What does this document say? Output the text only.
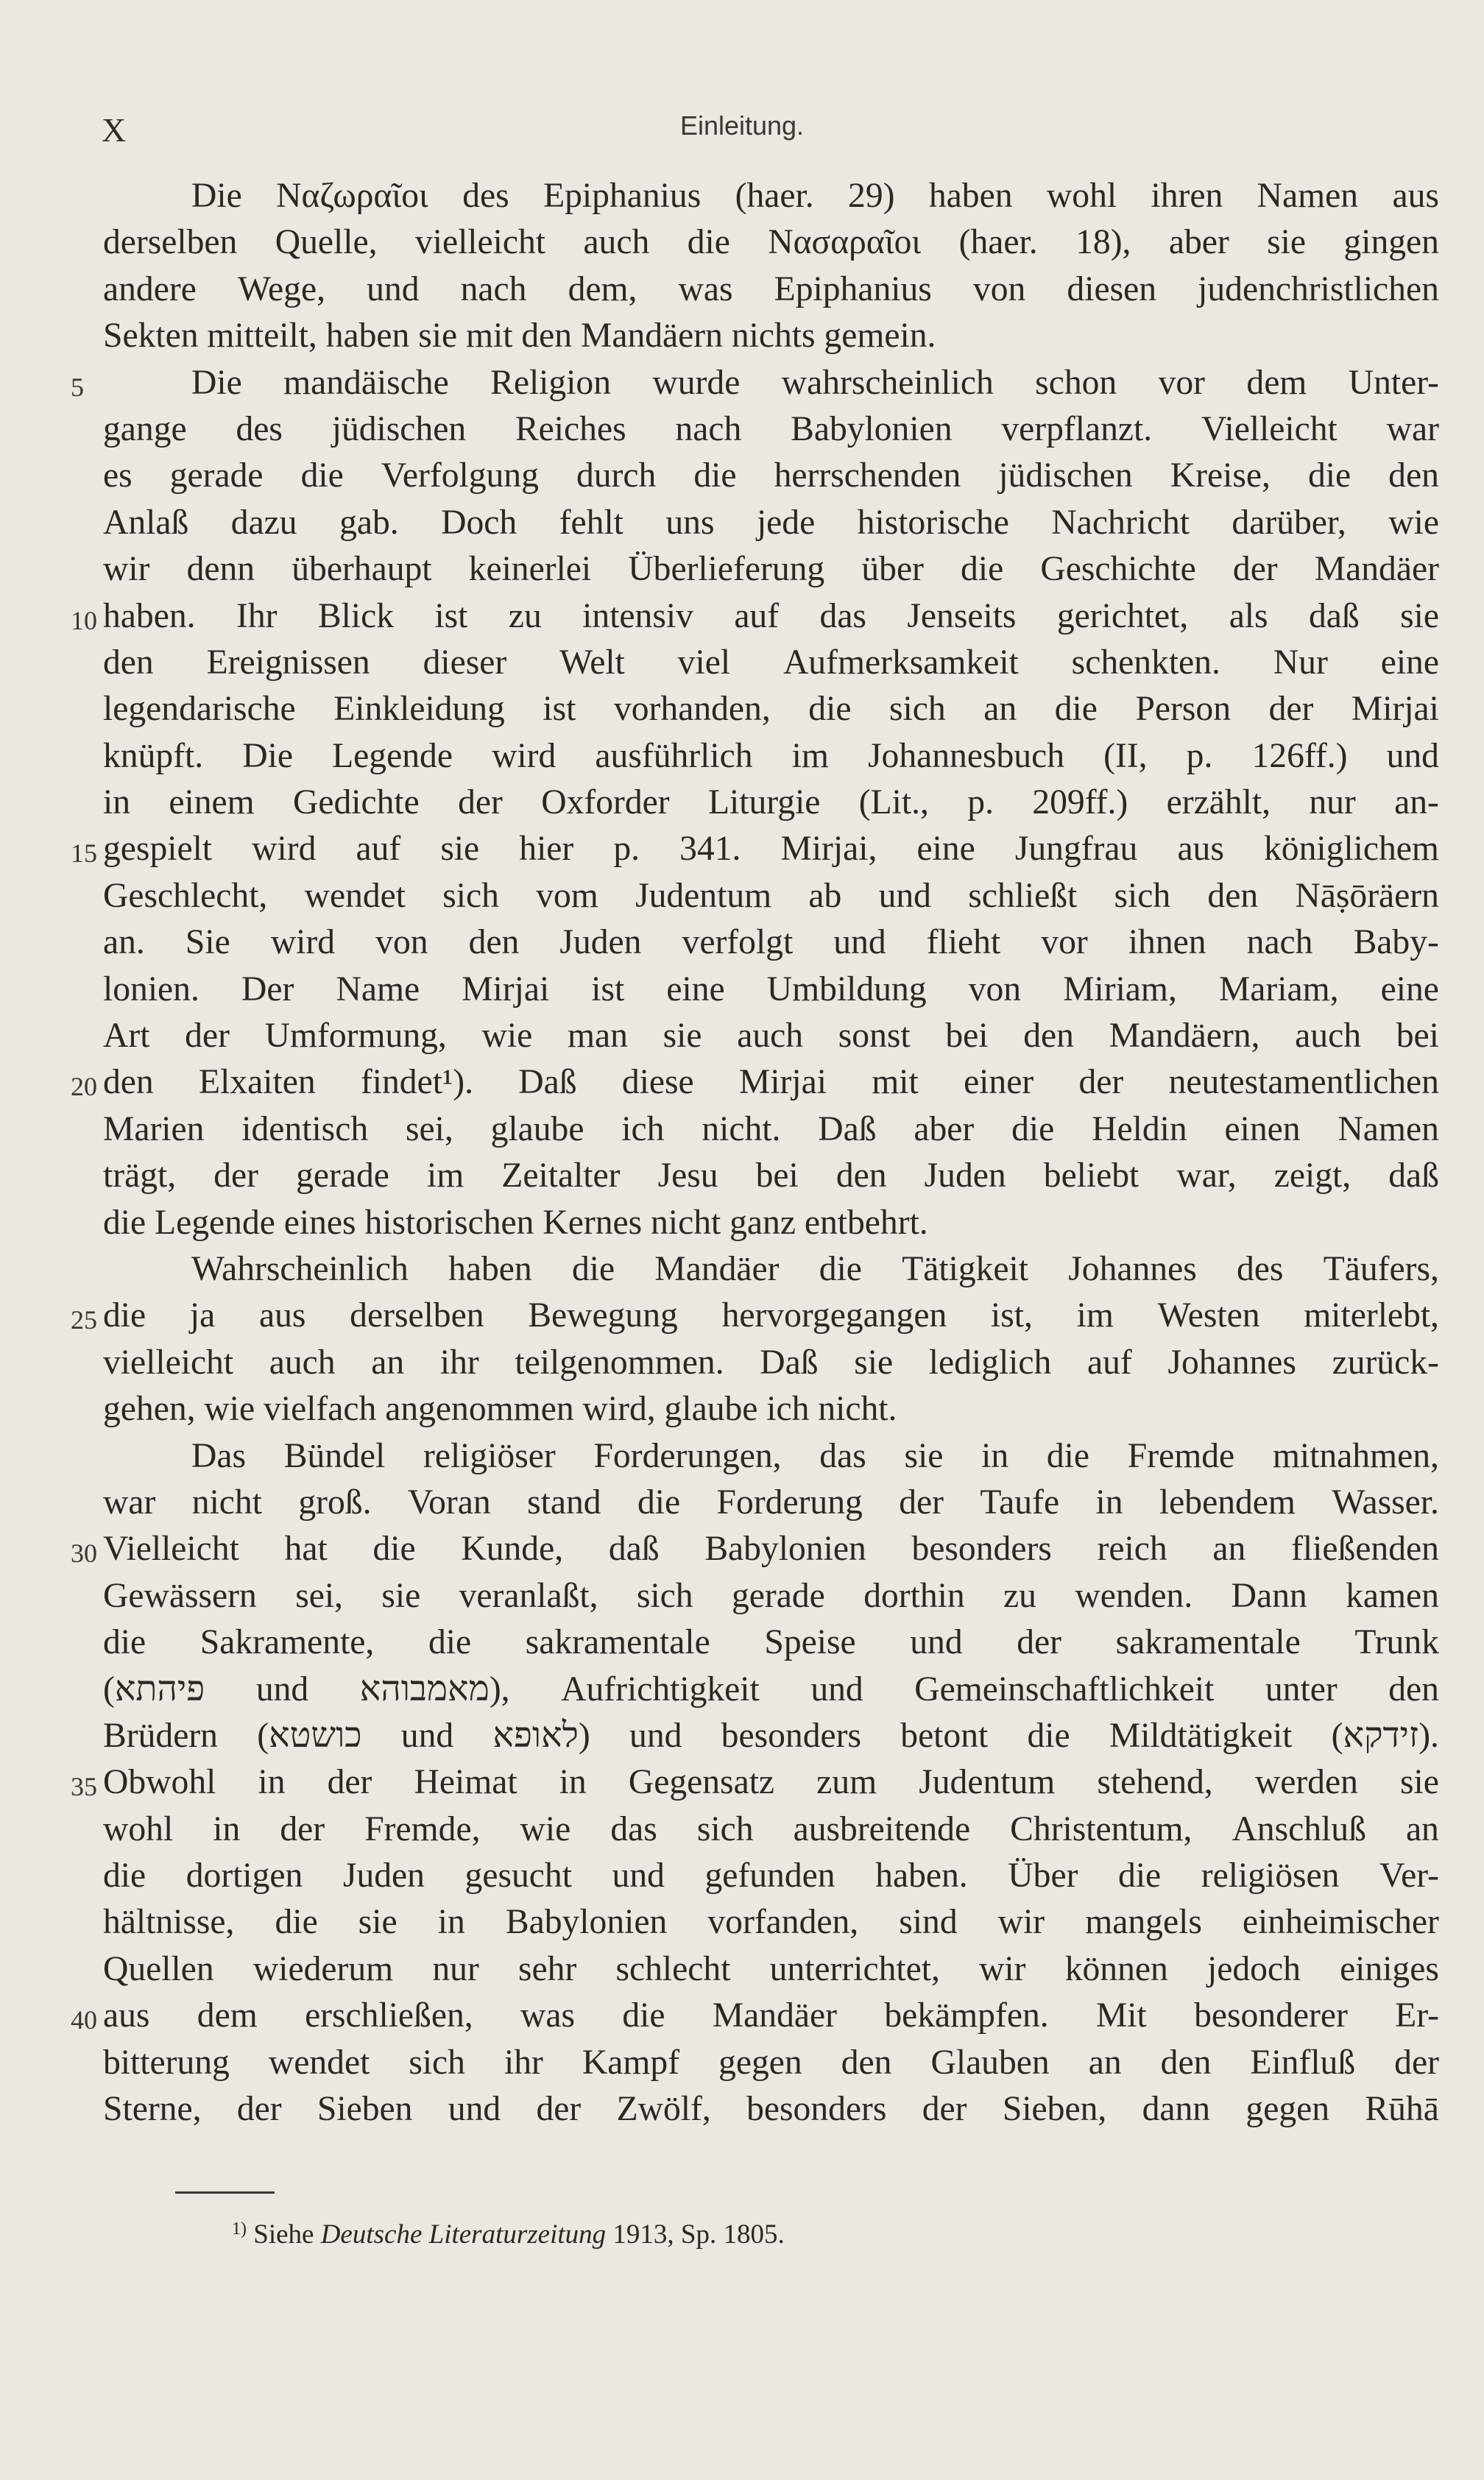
X	Einleitung.
Die Ναζωραῖοι des Epiphanius (haer. 29) haben wohl ihren Namen aus
derselben Quelle, vielleicht auch die Νασαραῖοι (haer. 18), aber sie gingen
andere Wege, und nach dem, was Epiphanius von diesen judenchristlichen
Sekten mitteilt, haben sie mit den Mandäern nichts gemein.
5	Die mandäische Religion wurde wahrscheinlich schon vor dem Unter-
gange des jüdischen Reiches nach Babylonien verpflanzt. Vielleicht war
es gerade die Verfolgung durch die herrschenden jüdischen Kreise, die den
Anlaß dazu gab. Doch fehlt uns jede historische Nachricht darüber, wie
wir denn überhaupt keinerlei Überlieferung über die Geschichte der Mandäer
10 haben. Ihr Blick ist zu intensiv auf das Jenseits gerichtet, als daß sie
den Ereignissen dieser Welt viel Aufmerksamkeit schenkten. Nur eine
legendarische Einkleidung ist vorhanden, die sich an die Person der Mirjai
knüpft. Die Legende wird ausführlich im Johannesbuch (II, p. 126ff.) und
in einem Gedichte der Oxforder Liturgie (Lit., p. 209ff.) erzählt, nur an-
15 gespielt wird auf sie hier p. 341. Mirjai, eine Jungfrau aus königlichem
Geschlecht, wendet sich vom Judentum ab und schließt sich den Nāṣōräern
an. Sie wird von den Juden verfolgt und flieht vor ihnen nach Baby-
lonien. Der Name Mirjai ist eine Umbildung von Miriam, Mariam, eine
Art der Umformung, wie man sie auch sonst bei den Mandäern, auch bei
20 den Elxaiten findet¹). Daß diese Mirjai mit einer der neutestamentlichen
Marien identisch sei, glaube ich nicht. Daß aber die Heldin einen Namen
trägt, der gerade im Zeitalter Jesu bei den Juden beliebt war, zeigt, daß
die Legende eines historischen Kernes nicht ganz entbehrt.
Wahrscheinlich haben die Mandäer die Tätigkeit Johannes des Täufers,
25 die ja aus derselben Bewegung hervorgegangen ist, im Westen miterlebt,
vielleicht auch an ihr teilgenommen. Daß sie lediglich auf Johannes zurück-
gehen, wie vielfach angenommen wird, glaube ich nicht.
Das Bündel religiöser Forderungen, das sie in die Fremde mitnahmen,
war nicht groß. Voran stand die Forderung der Taufe in lebendem Wasser.
30 Vielleicht hat die Kunde, daß Babylonien besonders reich an fließenden
Gewässern sei, sie veranlaßt, sich gerade dorthin zu wenden. Dann kamen
die Sakramente, die sakramentale Speise und der sakramentale Trunk
(פיהתא und מאמבוהא), Aufrichtigkeit und Gemeinschaftlichkeit unter den
Brüdern (כושטא und לאופא) und besonders betont die Mildtätigkeit (זידקא).
35 Obwohl in der Heimat in Gegensatz zum Judentum stehend, werden sie
wohl in der Fremde, wie das sich ausbreitende Christentum, Anschluß an
die dortigen Juden gesucht und gefunden haben. Über die religiösen Ver-
hältnisse, die sie in Babylonien vorfanden, sind wir mangels einheimischer
Quellen wiederum nur sehr schlecht unterrichtet, wir können jedoch einiges
40 aus dem erschließen, was die Mandäer bekämpfen. Mit besonderer Er-
bitterung wendet sich ihr Kampf gegen den Glauben an den Einfluß der
Sterne, der Sieben und der Zwölf, besonders der Sieben, dann gegen Rūhā
$^{1)}$ Siehe Deutsche Literaturzeitung 1913, Sp. 1805.
